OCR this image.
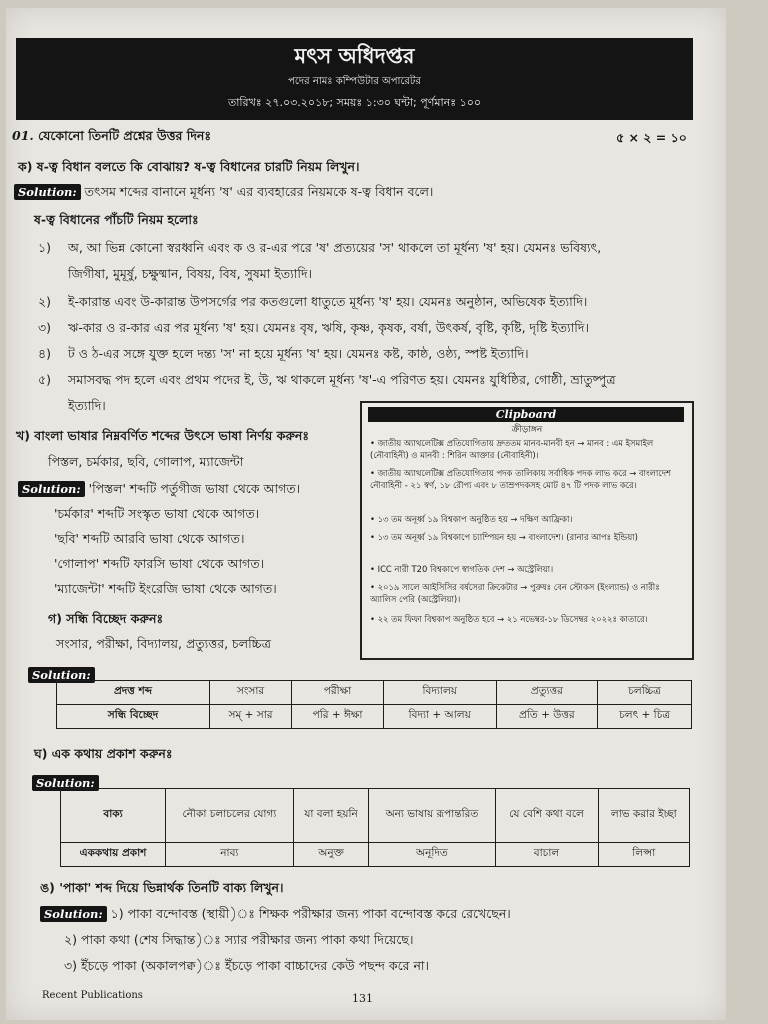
মৎস অধিদপ্তর
পদের নামঃ কম্পিউটার অপারেটর
তারিখঃ ২৭.০৩.২০১৮; সময়ঃ ১:৩০ ঘন্টা; পূর্ণমানঃ ১০০
01. যেকোনো তিনটি প্রশ্নের উত্তর দিনঃ	৫ × ২ = ১০
ক) ষ-ত্ব বিধান বলতে কি বোঝায়? ষ-ত্ব বিধানের চারটি নিয়ম লিখুন।
Solution: তৎসম শব্দের বানানে মূর্ধন্য 'ষ' এর ব্যবহারের নিয়মকে ষ-ত্ব বিধান বলে।
ষ-ত্ব বিধানের পাঁচটি নিয়ম হলোঃ
১) অ, আ ভিন্ন কোনো স্বরধ্বনি এবং ক ও র-এর পরে 'ষ' প্রত্যয়ের 'স' থাকলে তা মূর্ধন্য 'ষ' হয়। যেমনঃ ভবিষ্যৎ,
জিগীষা, মুমূর্ষু, চক্ষুষ্মান, বিষয়, বিষ, সুষমা ইত্যাদি।
২) ই-কারান্ত এবং উ-কারান্ত উপসর্গের পর কতগুলো ধাতুতে মূর্ধন্য 'ষ' হয়। যেমনঃ অনুষ্ঠান, অভিষেক ইত্যাদি।
৩) ঋ-কার ও র-কার এর পর মূর্ধন্য 'ষ' হয়। যেমনঃ বৃষ, ঋষি, কৃষ্ণ, কৃষক, বর্ষা, উৎকর্ষ, বৃষ্টি, কৃষ্টি, দৃষ্টি ইত্যাদি।
৪) ট ও ঠ-এর সঙ্গে যুক্ত হলে দন্ত্য 'স' না হয়ে মূর্ধন্য 'ষ' হয়। যেমনঃ কষ্ট, কাষ্ঠ, ওষ্ঠ্য, স্পষ্ট ইত্যাদি।
৫) সমাসবদ্ধ পদ হলে এবং প্রথম পদের ই, উ, ঋ থাকলে মূর্ধন্য 'ষ'-এ পরিণত হয়। যেমনঃ যুধিষ্ঠির, গোষ্ঠী, ভ্রাতুষ্পুত্র
ইত্যাদি।
খ) বাংলা ভাষার নিম্নবর্ণিত শব্দের উৎসে ভাষা নির্ণয় করুনঃ
পিস্তল, চর্মকার, ছবি, গোলাপ, ম্যাজেন্টা
Solution: 'পিস্তল' শব্দটি পর্তুগীজ ভাষা থেকে আগত।
'চর্মকার' শব্দটি সংস্কৃত ভাষা থেকে আগত।
'ছবি' শব্দটি আরবি ভাষা থেকে আগত।
'গোলাপ' শব্দটি ফারসি ভাষা থেকে আগত।
'ম্যাজেন্টা' শব্দটি ইংরেজি ভাষা থেকে আগত।
Clipboard
ক্রীড়াঙ্গন
• জাতীয় অ্যাথলেটিক্স প্রতিযোগিতায় দ্রুততম মানব-মানবী হন → মানব : এম ইসমাইল (নৌবাহিনী) ও মানবী : শিরিন আক্তার (নৌবাহিনী)।
• জাতীয় অ্যাথলেটিক্স প্রতিযোগিতায় পদক তালিকায় সর্বাধিক পদক লাভ করে → বাংলাদেশ নৌবাহিনী - ২১ স্বর্ণ, ১৮ রৌপ্য এবং ৮ তাম্রপদকসহ মোট ৪৭ টি পদক লাভ করে।
• ১৩ তম অনূর্ধ্ব ১৯ বিশ্বকাপ অনুষ্ঠিত হয় → দক্ষিণ আফ্রিকা।
• ১৩ তম অনূর্ধ্ব ১৯ বিশ্বকাপে চ্যাম্পিয়ন হয় → বাংলাদেশ। (রানার আপঃ ইন্ডিয়া)
• ICC নারী T20 বিশ্বকাপে স্বাগতিক দেশ → অস্ট্রেলিয়া।
• ২০১৯ সালে আইসিসির বর্ষসেরা ক্রিকেটার → পুরুষঃ বেন স্টোকস (ইংল্যান্ড) ও নারীঃ অ্যালিস পেরি (অস্ট্রেলিয়া)।
• ২২ তম ফিফা বিশ্বকাপ অনুষ্ঠিত হবে → ২১ নভেম্বর-১৮ ডিসেম্বর ২০২২ঃ কাতারে।
গ) সন্ধি বিচ্ছেদ করুনঃ
সংসার, পরীক্ষা, বিদ্যালয়, প্রত্যুত্তর, চলচ্চিত্র
Solution:
প্রদত্ত শব্দ	সংসার	পরীক্ষা	বিদ্যালয়	প্রত্যুত্তর	চলচ্চিত্র
সন্ধি বিচ্ছেদ	সম্ + সার	পরি + ঈক্ষা	বিদ্যা + আলয়	প্রতি + উত্তর	চলৎ + চিত্র
ঘ) এক কথায় প্রকাশ করুনঃ
Solution:
বাক্য	নৌকা চলাচলের যোগ্য	যা বলা হয়নি	অন্য ভাষায় রূপান্তরিত	যে বেশি কথা বলে	লাভ করার ইচ্ছা
এককথায় প্রকাশ	নাব্য	অনুক্ত	অনূদিত	বাচাল	লিপ্সা
ঙ) 'পাকা' শব্দ দিয়ে ভিন্নার্থক তিনটি বাক্য লিখুন।
Solution: ১) পাকা বন্দোবস্ত (স্থায়ী)ঃ শিক্ষক পরীক্ষার জন্য পাকা বন্দোবস্ত করে রেখেছেন।
২) পাকা কথা (শেষ সিদ্ধান্ত)ঃ স্যার পরীক্ষার জন্য পাকা কথা দিয়েছে।
৩) ইঁচড়ে পাকা (অকালপক্ব)ঃ ইঁচড়ে পাকা বাচ্চাদের কেউ পছন্দ করে না।
131
Recent Publications
